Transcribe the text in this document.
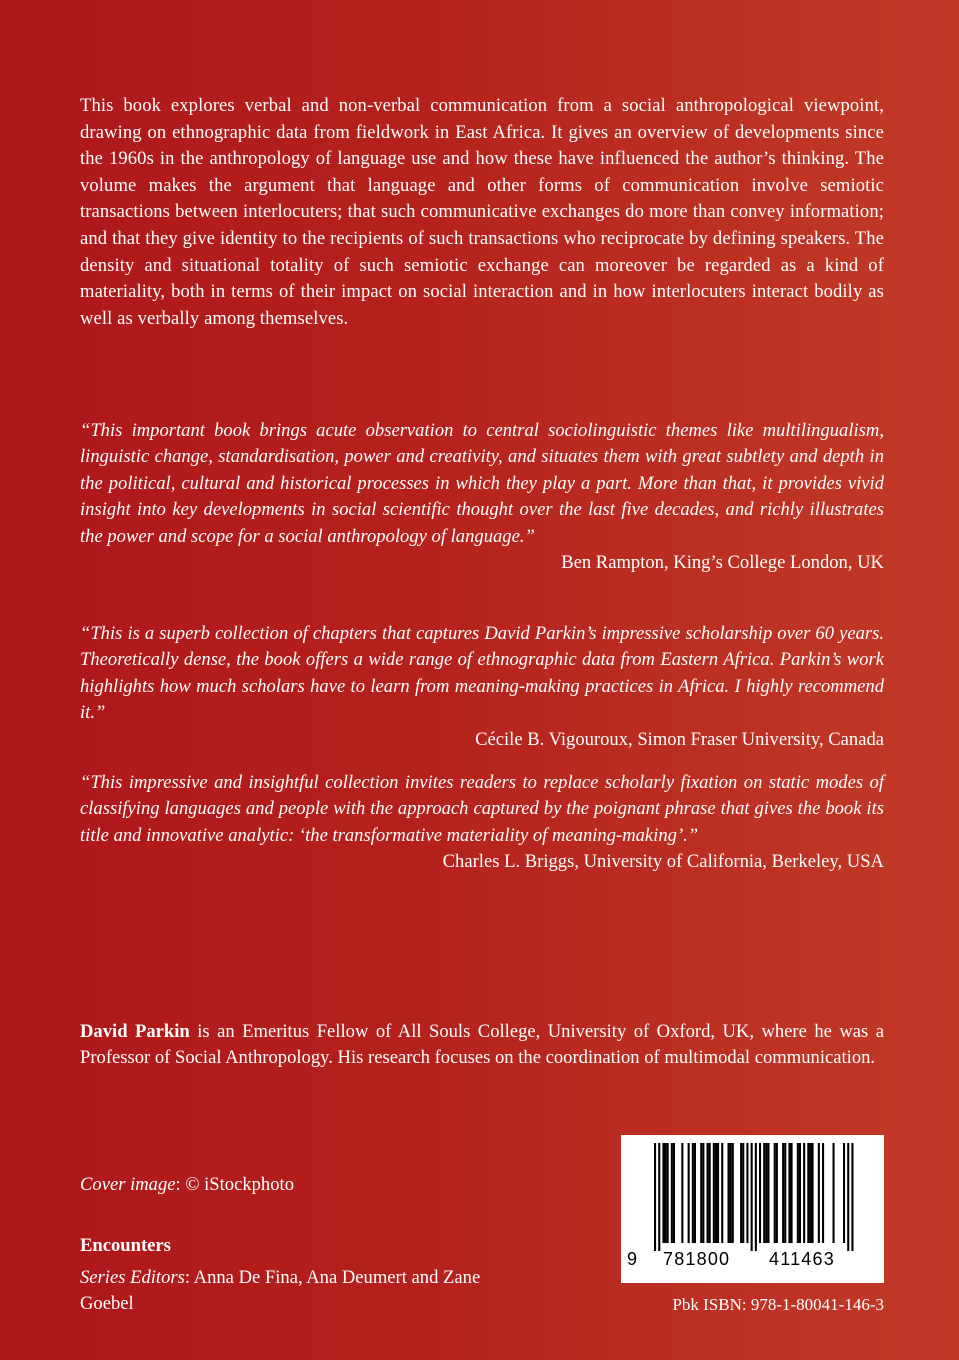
This book explores verbal and non-verbal communication from a social anthropological viewpoint, drawing on ethnographic data from fieldwork in East Africa. It gives an overview of developments since the 1960s in the anthropology of language use and how these have influenced the author’s thinking. The volume makes the argument that language and other forms of communication involve semiotic transactions between interlocuters; that such communicative exchanges do more than convey information; and that they give identity to the recipients of such transactions who reciprocate by defining speakers. The density and situational totality of such semiotic exchange can moreover be regarded as a kind of materiality, both in terms of their impact on social interaction and in how interlocuters interact bodily as well as verbally among themselves.

“This important book brings acute observation to central sociolinguistic themes like multilingualism, linguistic change, standardisation, power and creativity, and situates them with great subtlety and depth in the political, cultural and historical processes in which they play a part. More than that, it provides vivid insight into key developments in social scientific thought over the last five decades, and richly illustrates the power and scope for a social anthropology of language.”

Ben Rampton, King’s College London, UK

“This is a superb collection of chapters that captures David Parkin’s impressive scholarship over 60 years. Theoretically dense, the book offers a wide range of ethnographic data from Eastern Africa. Parkin’s work highlights how much scholars have to learn from meaning-making practices in Africa. I highly recommend it.”

Cécile B. Vigouroux, Simon Fraser University, Canada

“This impressive and insightful collection invites readers to replace scholarly fixation on static modes of classifying languages and people with the approach captured by the poignant phrase that gives the book its title and innovative analytic: ‘the transformative materiality of meaning-making’.”

Charles L. Briggs, University of California, Berkeley, USA

David Parkin is an Emeritus Fellow of All Souls College, University of Oxford, UK, where he was a Professor of Social Anthropology. His research focuses on the coordination of multimodal communication.

Cover image: © iStockphoto

Encounters

Series Editors: Anna De Fina, Ana Deumert and Zane Goebel

9 781800 411463

Pbk ISBN: 978-1-80041-146-3
